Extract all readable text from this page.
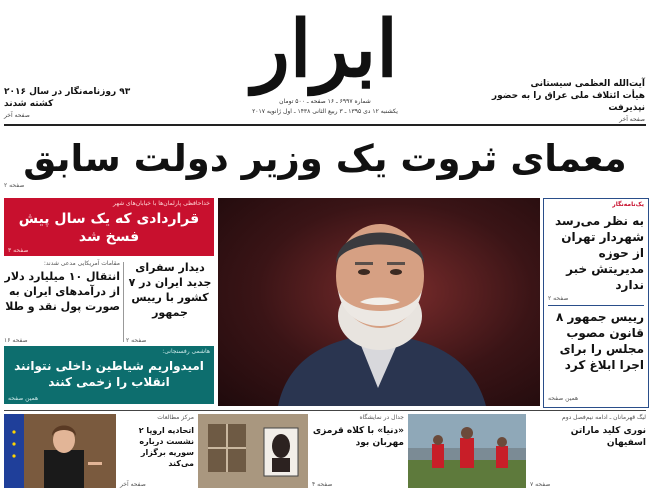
ابرار
شماره ۶۹۹۷ ـ ۱۶ صفحه ـ ۵۰۰ تومان
یکشنبه ۱۲ دی ۱۳۹۵ ـ ۳ ربیع الثانی ۱۴۳۸ ـ اول ژانویه ۲۰۱۷
آیت‌الله العظمی سیستانی
هیأت ائتلاف ملی عراق را به حضور نپذیرفت
صفحه آخر
۹۳ روزنامه‌نگار در سال ۲۰۱۶
کشته شدند
صفحه آخر
معمای ثروت یک وزیر دولت سابق
صفحه ۲
یک‌نامه‌نگار
به نظر می‌رسد شهردار تهران از حوزه مدیریتش خبر ندارد
صفحه ۲
رییس جمهور ۸ قانون مصوب مجلس را برای اجرا ابلاغ کرد
همین صفحه
خداحافظی پارلمان‌ها با خیابان‌های شهر
قراردادی که یک سال پیش فسخ شد
صفحه ۳
مقامات آمریکایی مدعی شدند:
انتقال ۱۰ میلیارد دلار از درآمدهای ایران به صورت پول نقد و طلا
صفحه ۱۶
دیدار سفرای جدید ایران در ۷ کشور با رییس جمهور
صفحه ۲
هاشمی رفسنجانی:
امیدواریم شیاطین داخلی نتوانند انقلاب را زخمی کنند
همین صفحه
لیگ قهرمانان ـ ادامه نیم‌فصل دوم
نوری کلید ماراتن اسفیهان
صفحه ۷
جدال در نمایشگاه
«دنیا» با کلاه قرمزی مهربان بود
صفحه ۴
مرکز مطالعات
اتحادیه اروپا ۲ نشست درباره سوریه برگزار می‌کند
صفحه آخر
